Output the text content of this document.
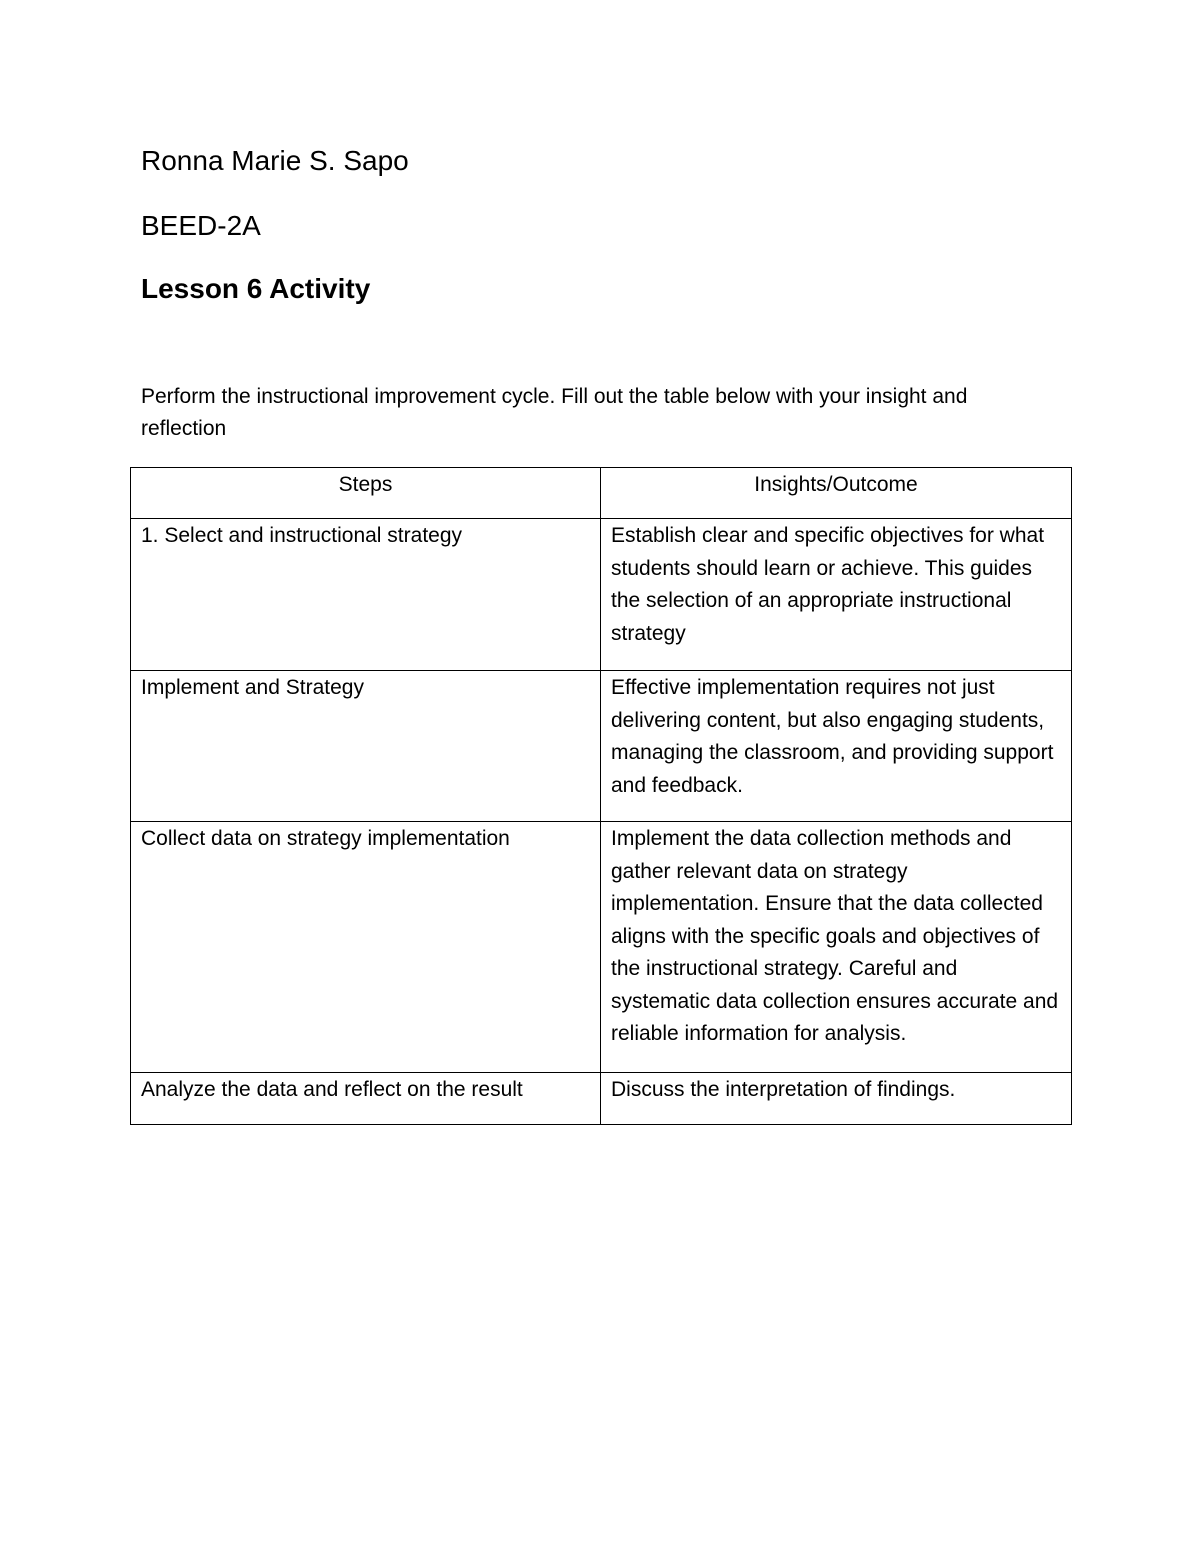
Ronna Marie S. Sapo

BEED-2A

Lesson 6 Activity

Perform the instructional improvement cycle. Fill out the table below with your insight and reflection

Steps	Insights/Outcome
1. Select and instructional strategy	Establish clear and specific objectives for what students should learn or achieve. This guides the selection of an appropriate instructional strategy
Implement and Strategy	Effective implementation requires not just delivering content, but also engaging students, managing the classroom, and providing support and feedback.
Collect data on strategy implementation	Implement the data collection methods and gather relevant data on strategy implementation. Ensure that the data collected aligns with the specific goals and objectives of the instructional strategy. Careful and systematic data collection ensures accurate and reliable information for analysis.
Analyze the data and reflect on the result	Discuss the interpretation of findings.
